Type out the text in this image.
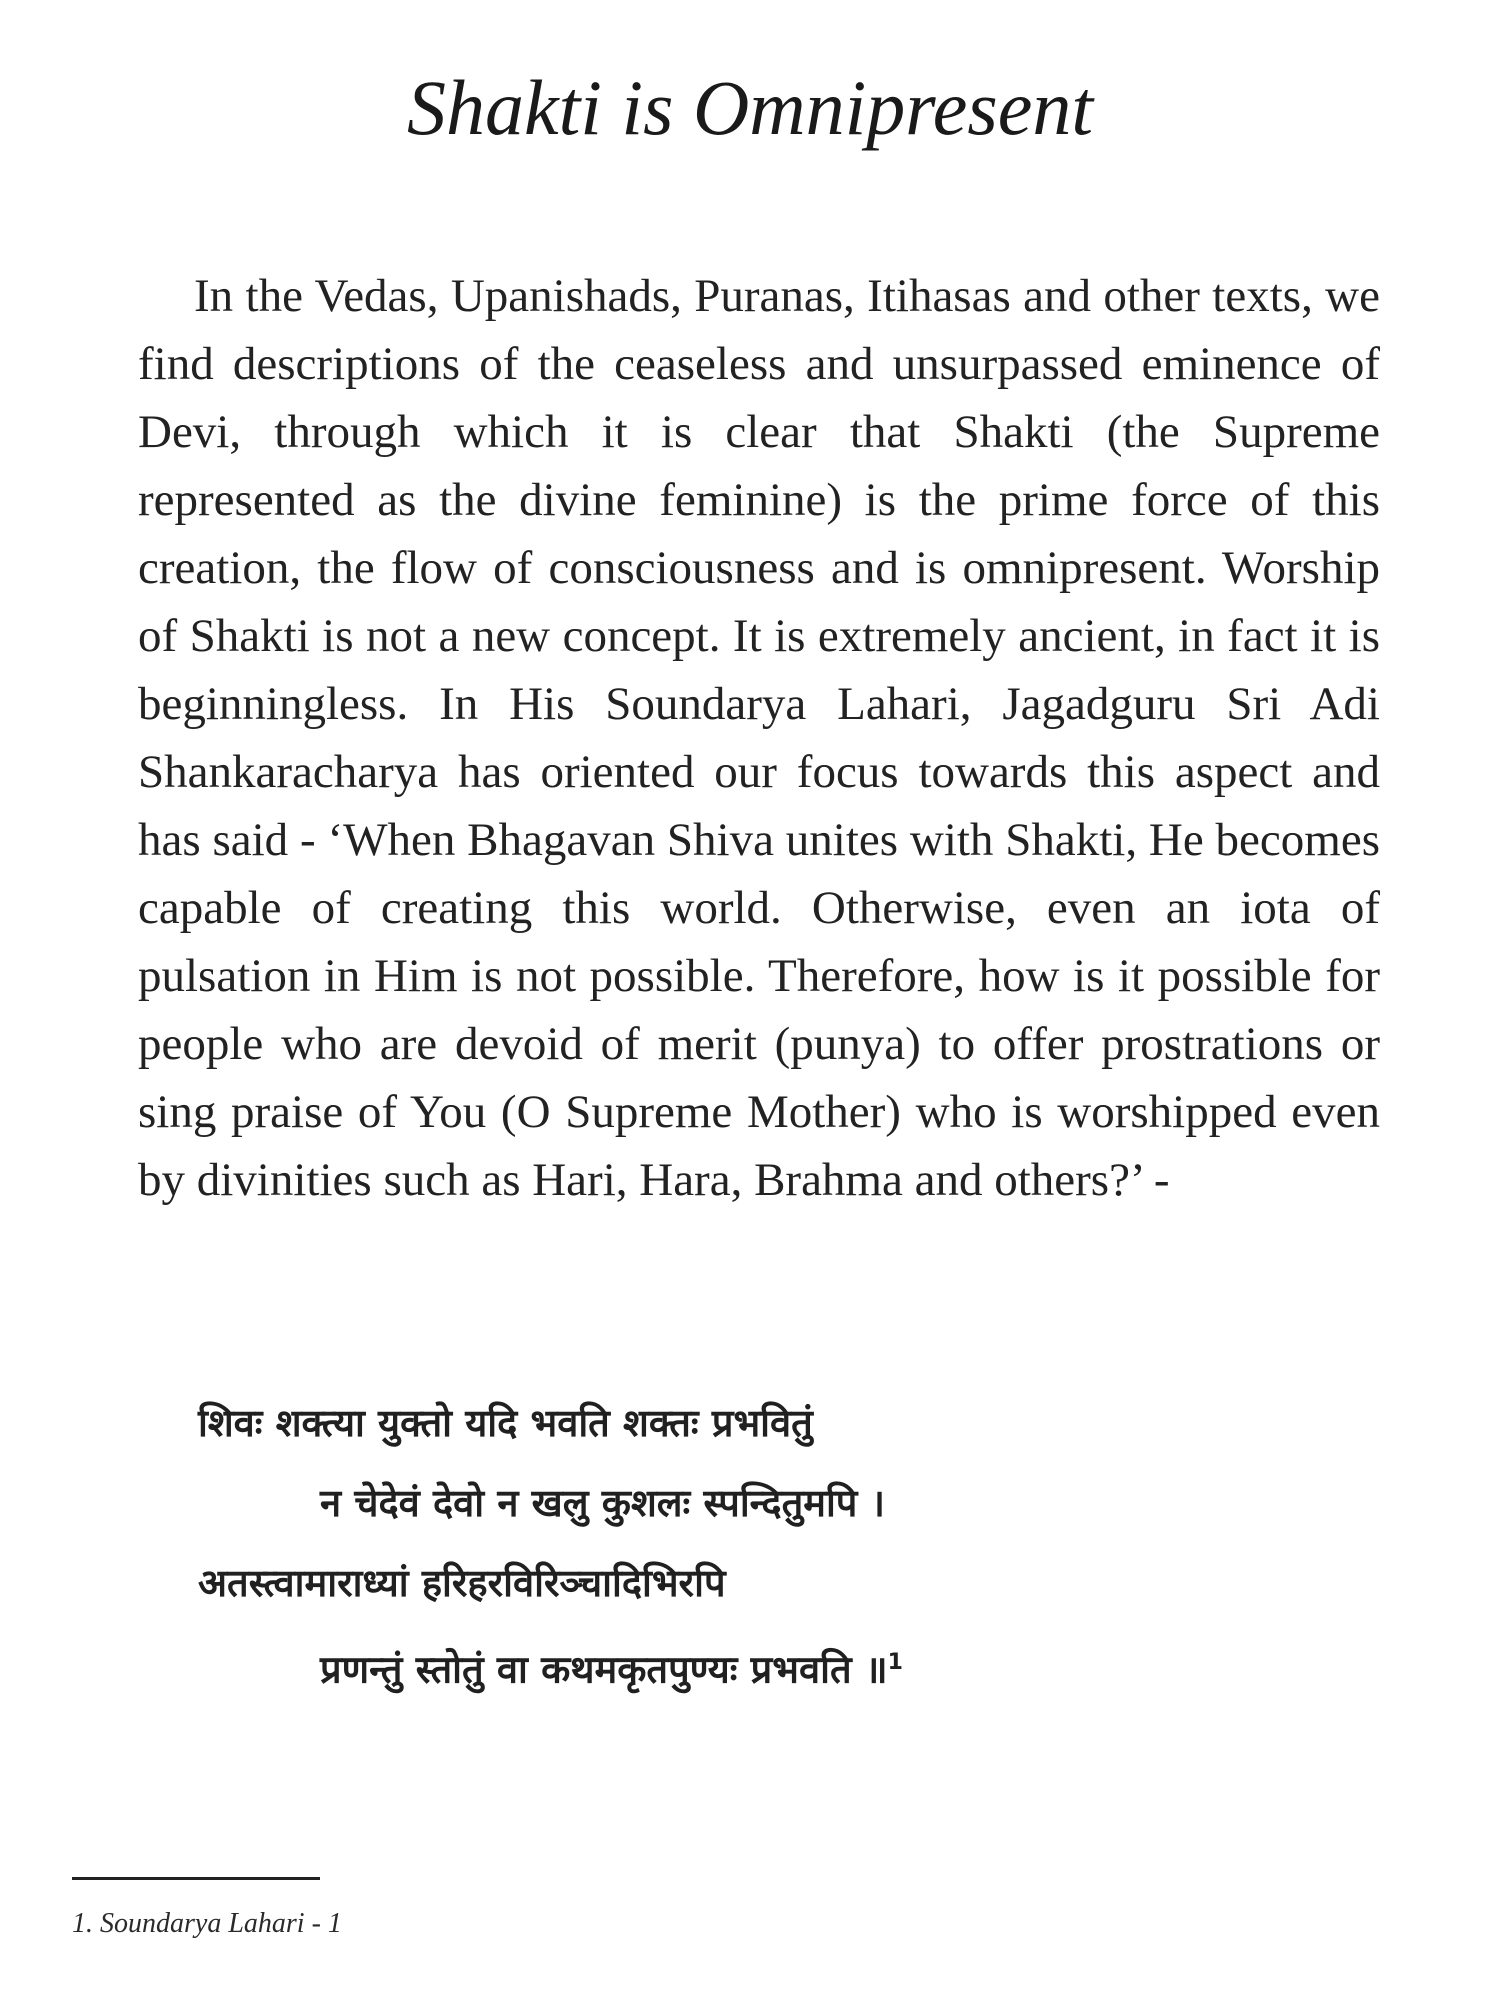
Shakti is Omnipresent

In the Vedas, Upanishads, Puranas, Itihasas and other texts, we find descriptions of the ceaseless and unsurpassed eminence of Devi, through which it is clear that Shakti (the Supreme represented as the divine feminine) is the prime force of this creation, the flow of consciousness and is omnipresent. Worship of Shakti is not a new concept. It is extremely ancient, in fact it is beginningless. In His Soundarya Lahari, Jagadguru Sri Adi Shankaracharya has oriented our focus towards this aspect and has said - ‘When Bhagavan Shiva unites with Shakti, He becomes capable of creating this world. Otherwise, even an iota of pulsation in Him is not possible. Therefore, how is it possible for people who are devoid of merit (punya) to offer prostrations or sing praise of You (O Supreme Mother) who is worshipped even by divinities such as Hari, Hara, Brahma and others?’ -

शिवः शक्त्या युक्तो यदि भवति शक्तः प्रभवितुं
न चेदेवं देवो न खलु कुशलः स्पन्दितुमपि ।
अतस्त्वामाराध्यां हरिहरविरिञ्चादिभिरपि
प्रणन्तुं स्तोतुं वा कथमकृतपुण्यः प्रभवति ॥$^1$
1. Soundarya Lahari - 1
